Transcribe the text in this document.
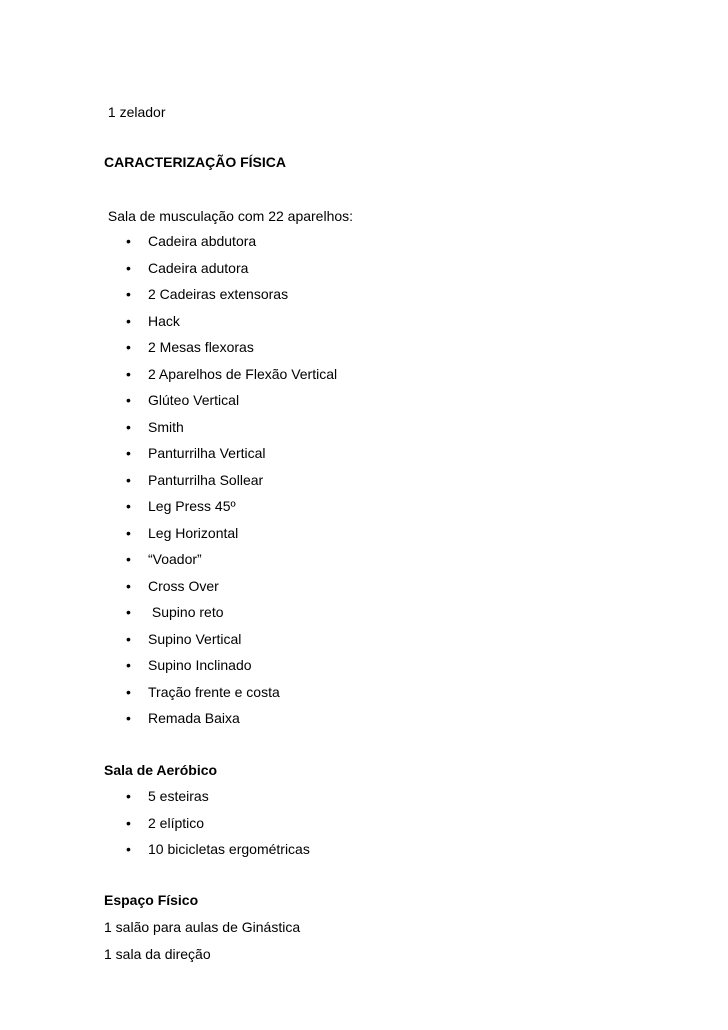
1 zelador
CARACTERIZAÇÃO FÍSICA
Sala de musculação com 22 aparelhos:
• Cadeira abdutora
• Cadeira adutora
• 2 Cadeiras extensoras
• Hack
• 2 Mesas flexoras
• 2 Aparelhos de Flexão Vertical
• Glúteo Vertical
• Smith
• Panturrilha Vertical
• Panturrilha Sollear
• Leg Press 45º
• Leg Horizontal
• “Voador”
• Cross Over
• Supino reto
• Supino Vertical
• Supino Inclinado
• Tração frente e costa
• Remada Baixa
Sala de Aeróbico
• 5 esteiras
• 2 elíptico
• 10 bicicletas ergométricas
Espaço Físico
1 salão para aulas de Ginástica
1 sala da direção
